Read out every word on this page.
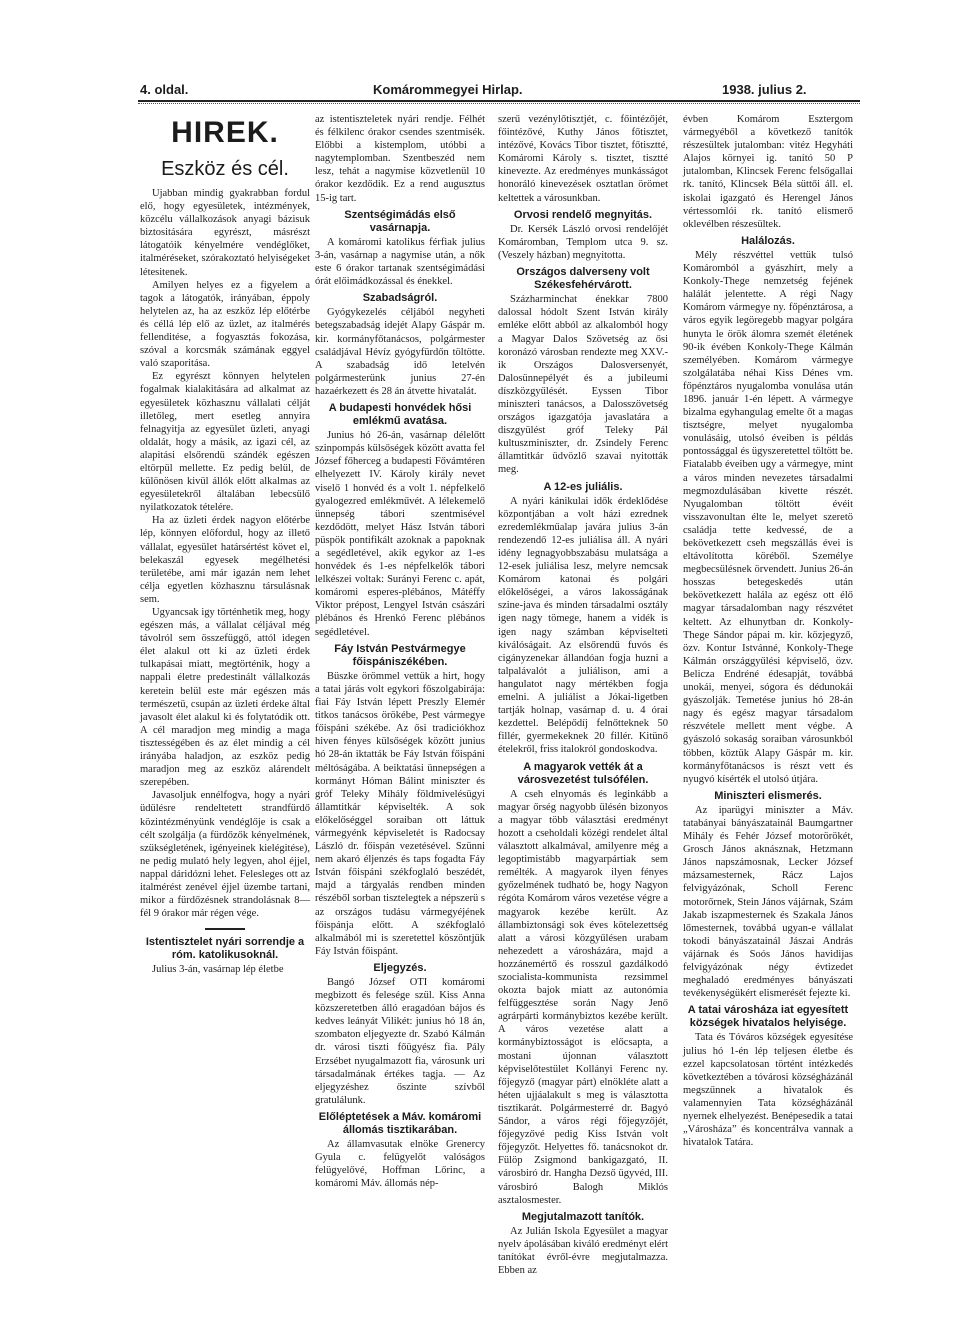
4. oldal.	Komárommegyei Hirlap.	1938. julius 2.
HIREK.
Eszköz és cél.

Ujabban mindig gyakrabban fordul elő, hogy egyesületek, intézmények, közcélu vállalkozások anyagi bázisuk biztositására egyrészt, másrészt látogatóik kényelmére vendéglőket, italméréseket, szórakoztató helyiségeket létesitenek.

Amilyen helyes ez a figyelem a tagok a látogatók, irányában, éppoly helytelen az, ha az eszköz lép előtérbe és céllá lép elő az üzlet, az italmérés fellenditése, a fogyasztás fokozása, szóval a korcsmák számának eggyel való szaporitása.

Ez egyrészt könnyen helytelen fogalmak kialakitására ad alkalmat az egyesületek közhasznu vállalati célját illetőleg, mert esetleg annyira felnagyitja az egyesület üzleti, anyagi oldalát, hogy a másik, az igazi cél, az alapitási elsőrendü szándék egészen eltörpül mellette. Ez pedig belül, de különösen kivül állók előtt alkalmas az egyesületekről általában lebecsülő nyilatkozatok tételére.

Ha az üzleti érdek nagyon előtérbe lép, könnyen előfordul, hogy az illető vállalat, egyesület határsértést követ el, belekaszál egyesek megélhetési területébe, ami már igazán nem lehet célja egyetlen közhasznu társulásnak sem.

Ugyancsak igy történhetik meg, hogy egészen más, a vállalat céljával még távolról sem összefüggő, attól idegen élet alakul ott ki az üzleti érdek tulkapásai miatt, megtörténik, hogy a nappali életre predestinált vállalkozás keretein belül este már egészen más természetü, csupán az üzleti érdeke által javasolt élet alakul ki és folytatódik ott. A cél maradjon meg mindig a maga tisztességében és az élet mindig a cél irányába haladjon, az eszköz pedig maradjon meg az eszköz alárendelt szerepében.

Javasoljuk ennélfogva, hogy a nyári üdülésre rendeltetett strandfürdő közintézményünk vendéglője is csak a célt szolgálja (a fürdőzők kényelmének, szükségletének, igényeinek kielégitése), ne pedig mulató hely legyen, ahol éjjel, nappal dáridózni lehet. Felesleges ott az italmérést zenével éjjel üzembe tartani, mikor a fürdőzésnek strandolásnak 8—fél 9 órakor már régen vége.

Istentisztelet nyári sorrendje a róm. katolikusoknál.

Julius 3-án, vasárnap lép életbe

az istentiszteletek nyári rendje. Félhét és félkilenc órakor csendes szentmisék. Előbbi a kistemplom, utóbbi a nagytemplomban. Szentbeszéd nem lesz, tehát a nagymise közvetlenül 10 órakor kezdődik. Ez a rend augusztus 15-ig tart.

Szentségimádás első vasárnapja.

A komáromi katolikus férfiak julius 3-án, vasárnap a nagymise után, a nők este 6 órakor tartanak szentségimádási órát előimádkozással és énekkel.

Szabadságról.

Gyógykezelés céljából negyheti betegszabadság idejét Alapy Gáspár m. kir. kormányfőtanácsos, polgármester családjával Hévíz gyógyfürdőn töltötte. A szabadság idő letelvén polgármesterünk junius 27-én hazaérkezett és 28 án átvette hivatalát.

A budapesti honvédek hősi emlékmű avatása.

Junius hó 26-án, vasárnap délelőtt szinpompás külsőségek között avatta fel József főherceg a budapesti Fővámtéren elhelyezett IV. Károly király nevet viselő 1 honvéd és a volt 1. népfelkelő gyalogezred emlékművét. A lélekemelő ünnepség tábori szentmisével kezdődött, melyet Hász István tábori püspök pontifikált azoknak a papoknak a segédletével, akik egykor az 1-es honvédek és 1-es népfelkelők tábori lelkészei voltak: Surányi Ferenc c. apát, komáromi esperes-plébános, Mátéffy Viktor prépost, Lengyel István császári plébános és Hrenkó Ferenc plébános segédletével.

Fáy István Pestvármegye főispániszékében.

Büszke örömmel vettük a hirt, hogy a tatai járás volt egykori főszolgabirája: fiai Fáy István lépett Preszly Elemér titkos tanácsos örökébe, Pest vármegye főispáni székébe. Az ősi tradiciókhoz hiven fényes külsőségek között junius hó 28-án iktatták be Fáy István főispáni méltóságába. A beiktatási ünnepségen a kormányt Hóman Bálint miniszter és gróf Teleky Mihály földmivelésügyi államtitkár képviselték. A sok előkelőséggel soraiban ott láttuk vármegyénk képviseletét is Radocsay László dr. főispán vezetésével. Szünni nem akaró éljenzés és taps fogadta Fáy István főispáni székfoglaló beszédét, majd a tárgyalás rendben minden részéből sorban tisztelegtek a népszerü s az országos tudásu vármegyéjének főispánja előtt. A székfoglaló alkalmából mi is szeretettel köszöntjük Fáy István főispánt.

Eljegyzés.

Bangó József OTI komáromi megbizott és felesége szül. Kiss Anna közszeretetben álló eragadóan bájos és kedves leányát Vilikét: junius hó 18 án, szombaton eljegyezte dr. Szabó Kálmán dr. városi tiszti főügyész fia. Pály Erzsébet nyugalmazott fia, városunk uri társadalmának értékes tagja. — Az eljegyzéshez őszinte szívből gratulálunk.

Előléptetések a Máv. komáromi állomás tisztikarában.

Az államvasutak elnöke Grenercy Gyula c. felügyelőt valóságos felügyelővé, Hoffman Lőrinc, a komáromi Máv. állomás nép-

szerű vezénylőtisztjét, c. főintézőjét, főintézővé, Kuthy János főtisztet, intézővé, Kovács Tibor tisztet, főtisztté, Komáromi Károly s. tisztet, tisztté kinevezte. Az eredményes munkásságot honoráló kinevezések osztatlan örömet keltettek a városunkban.

Orvosi rendelő megnyitás.

Dr. Kersék László orvosi rendelőjét Komáromban, Templom utca 9. sz. (Veszely házban) megnyitotta.

Országos dalverseny volt Székesfehérvárott.

Százharminchat énekkar 7800 dalossal hódolt Szent István király emléke előtt abból az alkalomból hogy a Magyar Dalos Szövetség az ősi koronázó városban rendezte meg XXV.-ik Országos Dalosversenyét, Dalosünnepélyét és a jubileumi díszközgyűlését. Eyssen Tibor miniszteri tanácsos, a Dalosszövetség országos igazgatója javaslatára a diszgyülést gróf Teleky Pál kultuszminiszter, dr. Zsindely Ferenc államtitkár üdvözlő szavai nyitották meg.

A 12-es juliális.

A nyári kánikulai idők érdeklődése központjában a volt házi ezrednek ezredemlékműalap javára julius 3-án rendezendő 12-es juliálisa áll. A nyári idény legnagyobbszabásu mulatsága a 12-esek juliálisa lesz, melyre nemcsak Komárom katonai és polgári előkelőségei, a város lakosságának szine-java és minden társadalmi osztály igen nagy tömege, hanem a vidék is igen nagy számban képviselteti kiválóságait. Az elsőrendü fuvós és cigányzenekar állandóan fogja huzni a talpalávalót a juliálison, ami a hangulatot nagy mértékben fogja emelni. A juliálist a Jókai-ligetben tartják holnap, vasárnap d. u. 4 órai kezdettel. Belépődíj felnőtteknek 50 fillér, gyermekeknek 20 fillér. Kitünő ételekről, friss italokról gondoskodva.

A magyarok vették át a városvezetést tulsófélen.

A cseh elnyomás és leginkább a magyar őrség nagyobb ülésén bizonyos a magyar több választási eredményt hozott a cseholdali közégi rendelet által választott alkalmával, amilyenre még a legoptimistább magyarpártiak sem remélték. A magyarok ilyen fényes győzelmének tudható be, hogy Nagyon régóta Komárom város vezetése végre a magyarok kezébe került. Az állambiztonsági sok éves kötelezettség alatt a városi közgyűlésen urabam nehezedett a városházára, majd a hozzánemértő és rosszul gazdálkodó szocialista-kommunista rezsimmel okozta bajok miatt az autonómia felfüggesztése során Nagy Jenő agrárpárti kormánybiztos kezébe került. A város vezetése alatt a kormánybiztosságot is előcsapta, a mostani újonnan választott képviselőtestület Kollányi Ferenc ny. főjegyző (magyar párt) elnökléte alatt a héten ujjáalakult s meg is választotta tisztikarát. Polgármesterré dr. Bagyó Sándor, a város régi főjegyzőjét, főjegyzővé pedig Kiss István volt főjegyzőt. Helyettes fő. tanácsnokot dr. Fülöp Zsigmond bankigazgató, II. városbiró dr. Hangha Dezső ügyvéd, III. városbiró Balogh Miklós asztalosmester.

Megjutalmazott tanítók.

Az Julián Iskola Egyesület a magyar nyelv ápolásában kiváló eredményt elért tanítókat évről-évre megjutalmazza. Ebben az

évben Komárom Esztergom vármegyéből a következő tanítók részesültek jutalomban: vitéz Hegyháti Alajos környei ig. tanító 50 P jutalomban, Klincsek Ferenc felsőgallai rk. tanító, Klincsek Béla süttői áll. el. iskolai igazgató és Herengel János vértessomlói rk. tanító elismerő oklevélben részesültek.

Halálozás.

Mély részvéttel vettük tulsó Komáromból a gyászhírt, mely a Konkoly-Thege nemzetség fejének halálát jelentette. A régi Nagy Komárom vármegye ny. főpénztárosa, a város egyik legöregebb magyar polgára hunyta le örök álomra szemét életének 90-ik évében Konkoly-Thege Kálmán személyében. Komárom vármegye szolgálatába néhai Kiss Dénes vm. főpénztáros nyugalomba vonulása után 1896. január 1-én lépett. A vármegye bizalma egyhangulag emelte őt a magas tisztségre, melyet nyugalomba vonulásáig, utolsó éveiben is példás pontossággal és ügyszeretettel töltött be. Fiatalabb éveiben ugy a vármegye, mint a város minden nevezetes társadalmi megmozdulásában kivette részét. Nyugalomban töltött évéit visszavonultan élte le, melyet szeretö családja tette kedvessé, de a bekövetkezett cseh megszállás évei is eltávolította köréből. Személye megbecsülésnek örvendett. Junius 26-án hosszas betegeskedés után bekövetkezett halála az egész ott élő magyar társadalomban nagy részvétet keltett. Az elhunytban dr. Konkoly-Thege Sándor pápai m. kir. közjegyző, özv. Kontur Istvánné, Konkoly-Thege Kálmán országgyűlési képviselő, özv. Belicza Endréné édesapját, továbbá unokái, menyei, sógora és dédunokái gyászolják. Temetése junius hó 28-án nagy és egész magyar társadalom részvétele mellett ment végbe. A gyászoló sokaság soraiban városunkból többen, köztük Alapy Gáspár m. kir. kormányfőtanácsos is részt vett és nyugvó kísérték el utolsó útjára.

Miniszteri elismerés.

Az iparügyi miniszter a Máv. tatabányai bányászatainál Baumgartner Mihály és Fehér József motorörökét, Grosch János aknásznak, Hetzmann János napszámosnak, Lecker József mázsamesternek, Rácz Lajos felvigyázónak, Scholl Ferenc motorőrnek, Stein János vájárnak, Szám Jakab iszapmesternek és Szakala János lőmesternek, továbbá ugyan-e vállalat tokodi bányászatainál Jászai András vájárnak és Soós János havidijas felvigyázónak négy évtizedet meghaladó eredményes bányászati tevékenységükért elismerését fejezte ki.

A tatai városháza iat egyesített községek hivatalos helyisége.

Tata és Tóváros községek egyesítése julius hó 1-én lép teljesen életbe és ezzel kapcsolatosan történt intézkedés következtében a tóvárosi községházánál megszűnnek a hivatalok és valamennyien Tata községházánál nyernek elhelyezést. Benépesedik a tatai „Városháza” és koncentrálva vannak a hivatalok Tatára.
